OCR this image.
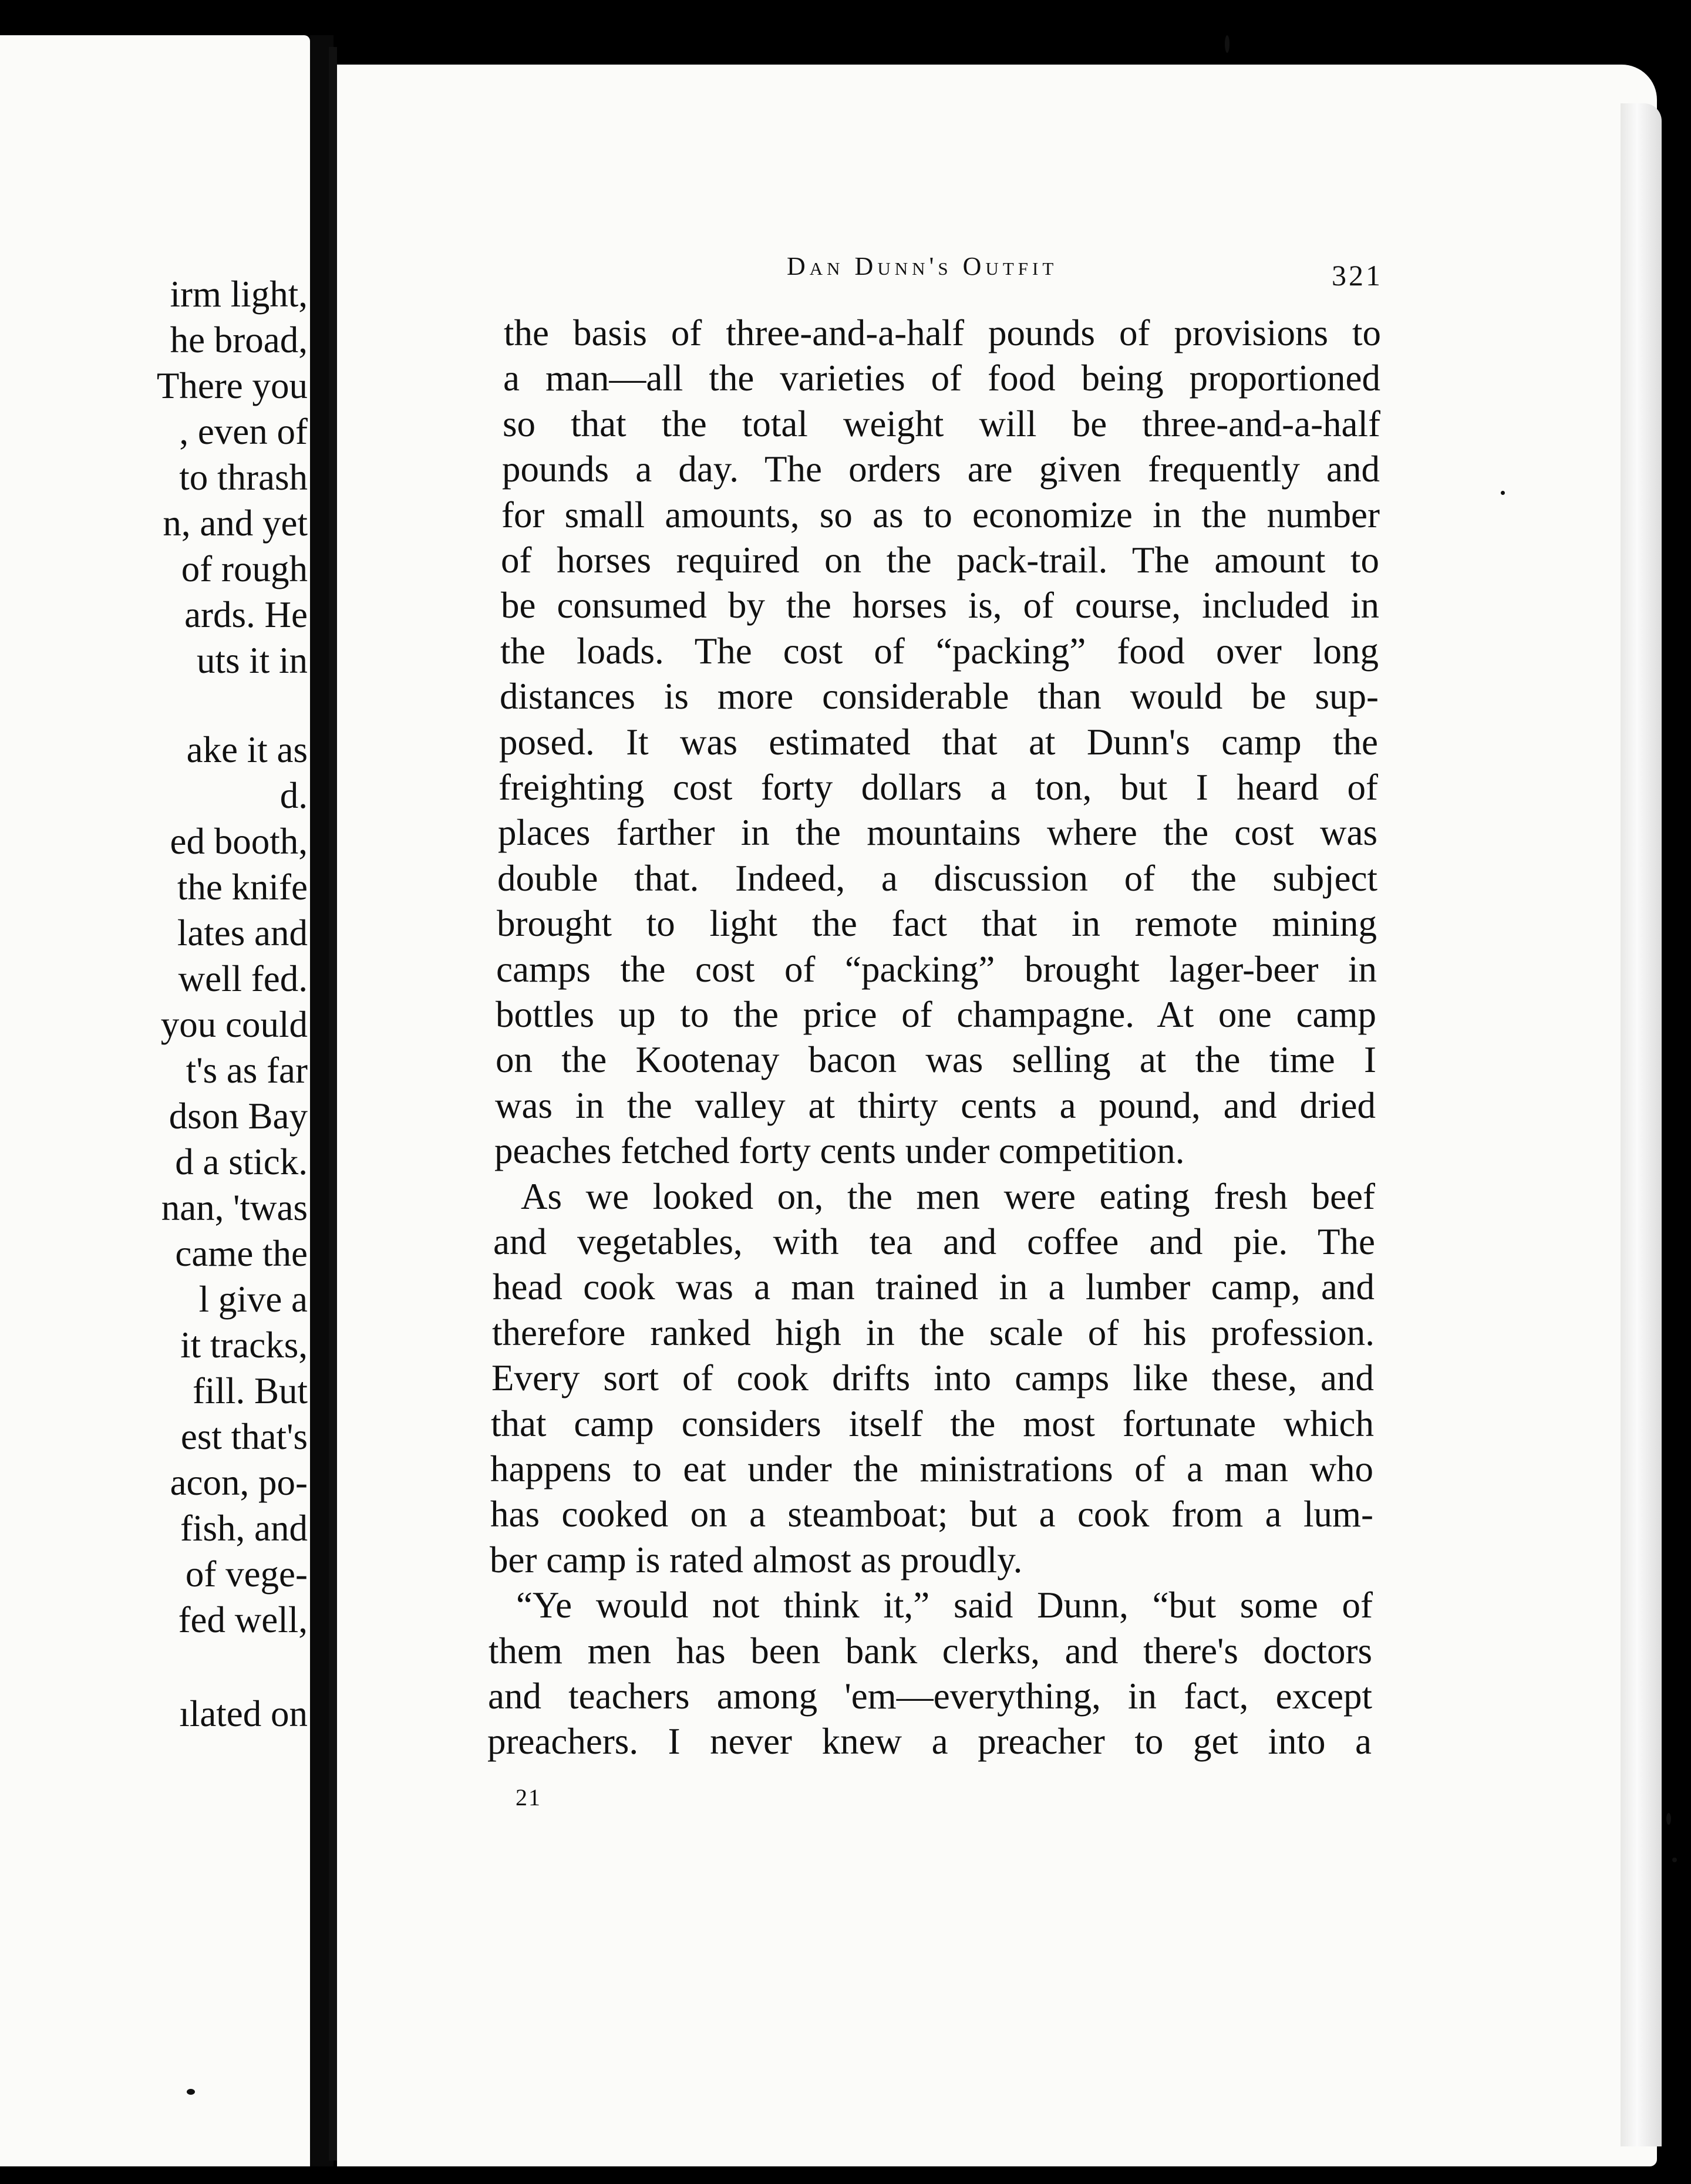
irm light,
he broad,
There you
, even of
to thrash
n, and yet
of rough
ards. He
uts it in
ake it as
d.
ed booth,
the knife
lates and
well fed.
you could
t's as far
dson Bay
d a stick.
nan, 'twas
came the
l give a
it tracks,
fill. But
est that's
acon, po-
fish, and
of vege-
fed well,
ılated on
Dan Dunn's Outfit	321
the basis of three-and-a-half pounds of provisions to
a man—all the varieties of food being proportioned
so that the total weight will be three-and-a-half
pounds a day. The orders are given frequently and
for small amounts, so as to economize in the number
of horses required on the pack-trail. The amount to
be consumed by the horses is, of course, included in
the loads. The cost of “packing” food over long
distances is more considerable than would be sup-
posed. It was estimated that at Dunn's camp the
freighting cost forty dollars a ton, but I heard of
places farther in the mountains where the cost was
double that. Indeed, a discussion of the subject
brought to light the fact that in remote mining
camps the cost of “packing” brought lager-beer in
bottles up to the price of champagne. At one camp
on the Kootenay bacon was selling at the time I
was in the valley at thirty cents a pound, and dried
peaches fetched forty cents under competition.
As we looked on, the men were eating fresh beef
and vegetables, with tea and coffee and pie. The
head cook was a man trained in a lumber camp, and
therefore ranked high in the scale of his profession.
Every sort of cook drifts into camps like these, and
that camp considers itself the most fortunate which
happens to eat under the ministrations of a man who
has cooked on a steamboat; but a cook from a lum-
ber camp is rated almost as proudly.
“Ye would not think it,” said Dunn, “but some of
them men has been bank clerks, and there's doctors
and teachers among 'em—everything, in fact, except
preachers. I never knew a preacher to get into a
21
